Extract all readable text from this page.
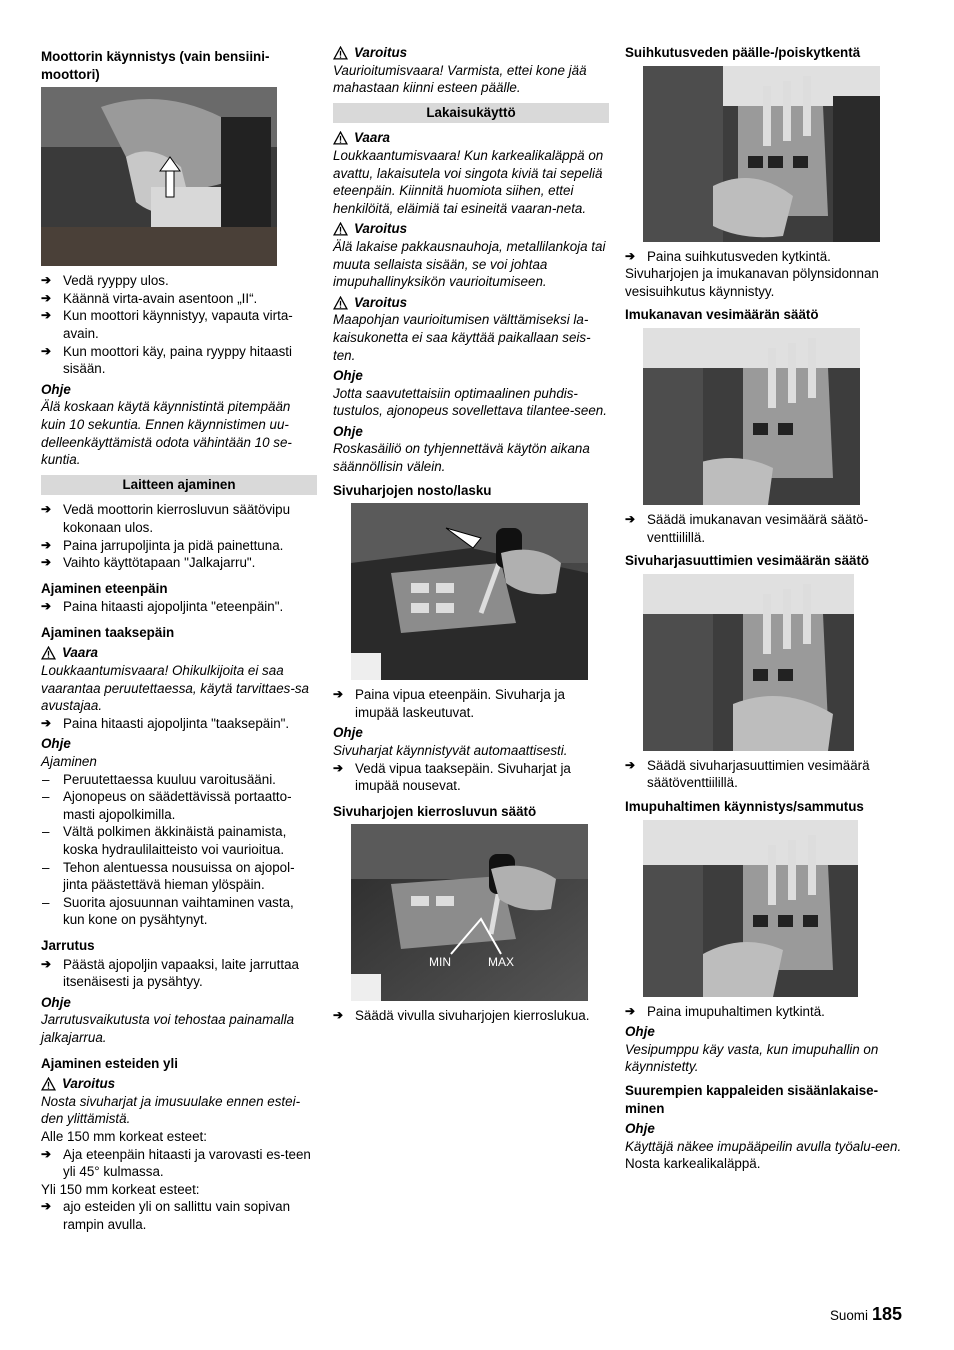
Moottorin käynnistys (vain bensiini-moottori)

➔ Vedä ryyppy ulos.
➔ Käännä virta-avain asentoon „II“.
➔ Kun moottori käynnistyy, vapauta virta-avain.
➔ Kun moottori käy, paina ryyppy hitaasti sisään.

Ohje

Älä koskaan käytä käynnistintä pitempään kuin 10 sekuntia. Ennen käynnistimen uu-delleenkäyttämistä odota vähintään 10 se-kuntia.

Laitteen ajaminen
➔ Vedä moottorin kierrosluvun säätövipu kokonaan ulos.
➔ Paina jarrupoljinta ja pidä painettuna.
➔ Vaihto käyttötapaan "Jalkajarru".

Ajaminen eteenpäin

➔ Paina hitaasti ajopoljinta "eteenpäin".

Ajaminen taaksepäin

Vaara

Loukkaantumisvaara! Ohikulkijoita ei saa vaarantaa peruutettaessa, käytä tarvittaes-sa avustajaa.

➔ Paina hitaasti ajopoljinta "taaksepäin".

Ohje

Ajaminen

– Peruutettaessa kuuluu varoitusääni.
– Ajonopeus on säädettävissä portaatto-masti ajopolkimilla.
– Vältä polkimen äkkinäistä painamista, koska hydraulilaitteisto voi vaurioitua.
– Tehon alentuessa nousuissa on ajopol-jinta päästettävä hieman ylöspäin.
– Suorita ajosuunnan vaihtaminen vasta, kun kone on pysähtynyt.

Jarrutus

➔ Päästä ajopoljin vapaaksi, laite jarruttaa itsenäisesti ja pysähtyy.

Ohje

Jarrutusvaikutusta voi tehostaa painamalla jalkajarrua.

Ajaminen esteiden yli

Varoitus

Nosta sivuharjat ja imusuulake ennen estei-den ylittämistä.

Alle 150 mm korkeat esteet:

➔ Aja eteenpäin hitaasti ja varovasti es-teen yli 45° kulmassa.

Yli 150 mm korkeat esteet:

➔ ajo esteiden yli on sallittu vain sopivan rampin avulla.
Varoitus

Vaurioitumisvaara! Varmista, ettei kone jää mahastaan kiinni esteen päälle.

Lakaisukäyttö
Vaara

Loukkaantumisvaara! Kun karkealikaläppä on avattu, lakaisutela voi singota kiviä tai sepeliä eteenpäin. Kiinnitä huomiota siihen, ettei henkilöitä, eläimiä tai esineitä vaaran-neta.

Varoitus

Älä lakaise pakkausnauhoja, metallilankoja tai muuta sellaista sisään, se voi johtaa imupuhallinyksikön vaurioitumiseen.

Varoitus

Maapohjan vaurioitumisen välttämiseksi la-kaisukonetta ei saa käyttää paikallaan seis-ten.

Ohje

Jotta saavutettaisiin optimaalinen puhdis-tustulos, ajonopeus sovellettava tilantee-seen.

Ohje

Roskasäiliö on tyhjennettävä käytön aikana säännöllisin välein.

Sivuharjojen nosto/lasku

➔ Paina vipua eteenpäin. Sivuharja ja imupää laskeutuvat.

Ohje

Sivuharjat käynnistyvät automaattisesti.

➔ Vedä vipua taaksepäin. Sivuharjat ja imupää nousevat.

Sivuharjojen kierrosluvun säätö

MIN	MAX
➔ Säädä vivulla sivuharjojen kierroslukua.

Suihkutusveden päälle-/poiskytkentä

➔ Paina suihkutusveden kytkintä.

Sivuharjojen ja imukanavan pölynsidonnan vesisuihkutus käynnistyy.

Imukanavan vesimäärän säätö

➔ Säädä imukanavan vesimäärä säätö-venttiilillä.

Sivuharjasuuttimien vesimäärän säätö

➔ Säädä sivuharjasuuttimien vesimäärä säätöventtiilillä.

Imupuhaltimen käynnistys/sammutus

➔ Paina imupuhaltimen kytkintä.

Ohje

Vesipumppu käy vasta, kun imupuhallin on käynnistetty.

Suurempien kappaleiden sisäänlakaise-minen

Ohje

Käyttäjä näkee imupääpeilin avulla työalu-een.

Nosta karkealikaläppä.

Suomi 185
